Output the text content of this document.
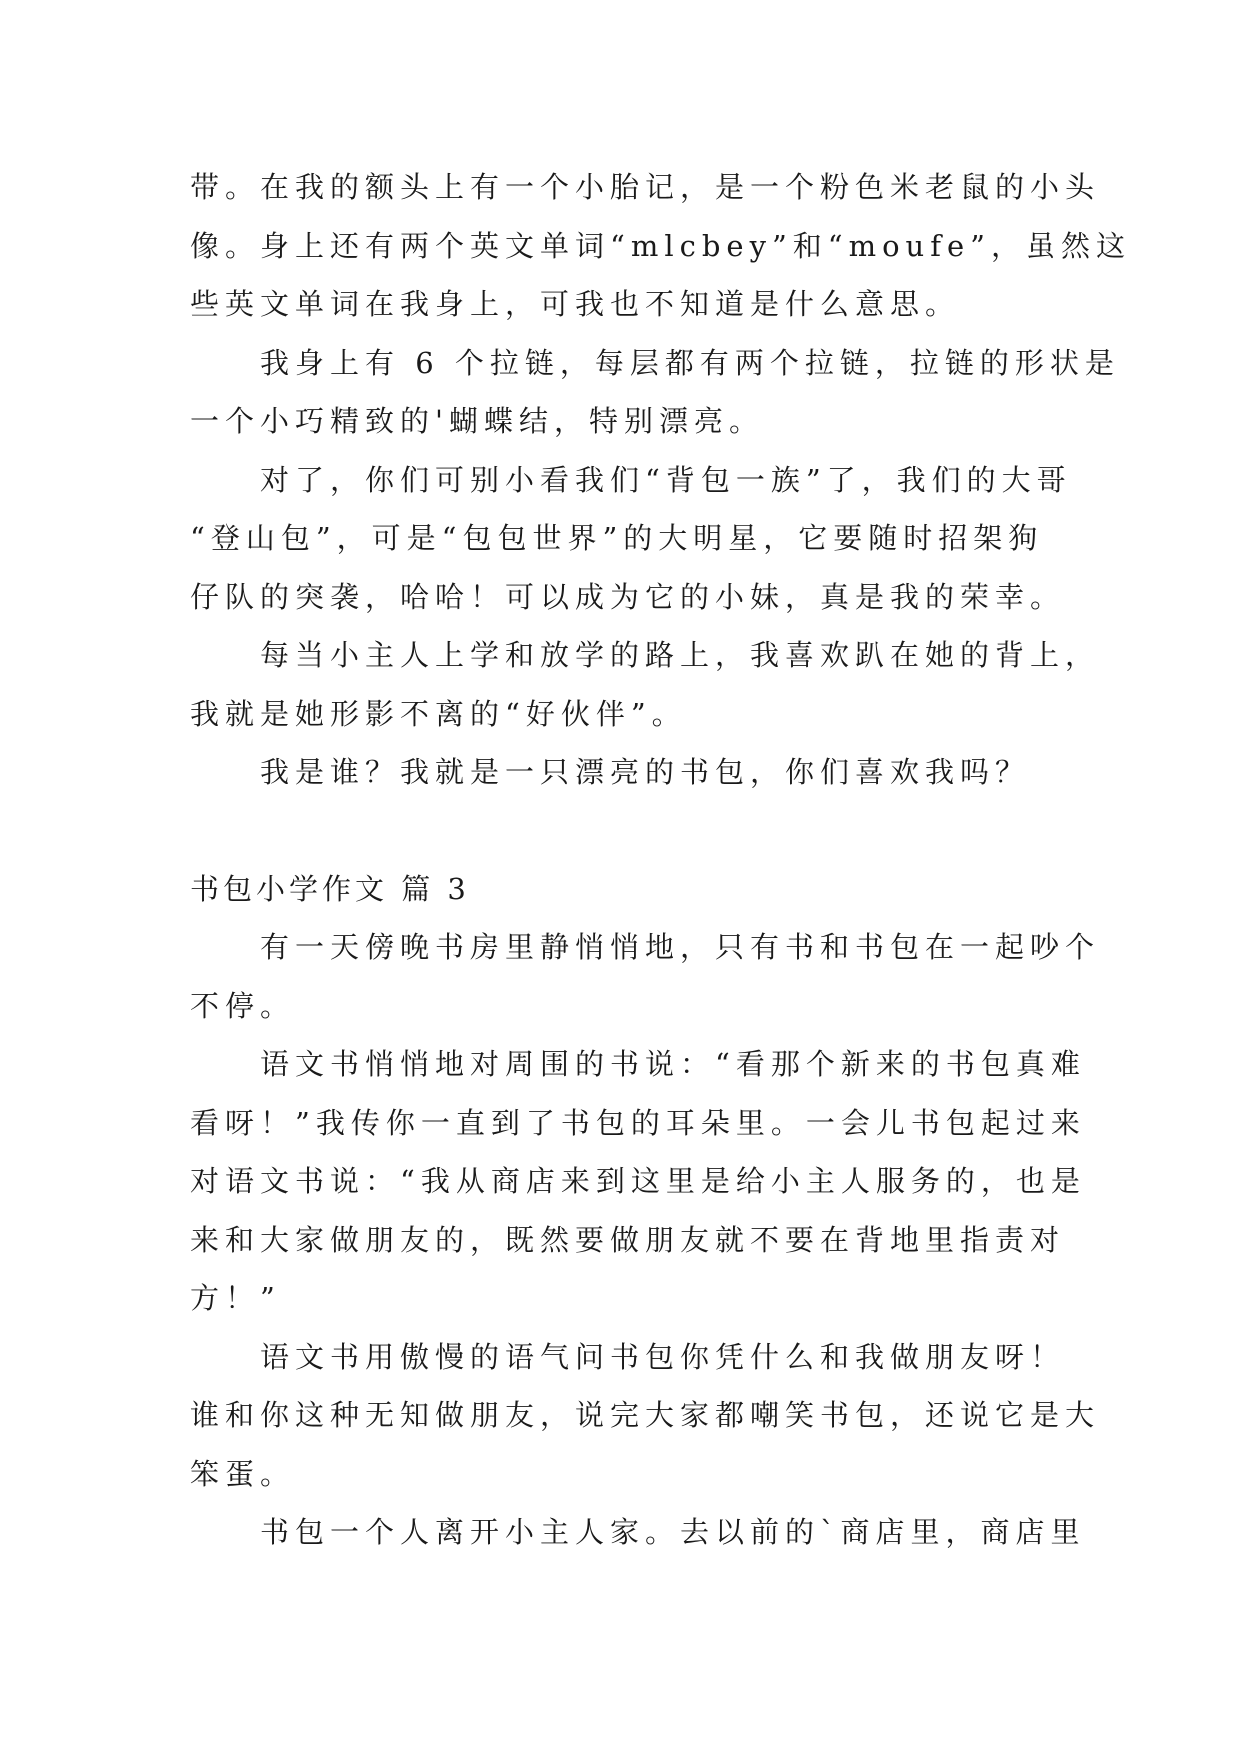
带。在我的额头上有一个小胎记，是一个粉色米老鼠的小头
像。身上还有两个英文单词“mlcbey”和“moufe”，虽然这
些英文单词在我身上，可我也不知道是什么意思。
我身上有 6 个拉链，每层都有两个拉链，拉链的形状是
一个小巧精致的'蝴蝶结，特别漂亮。
对了，你们可别小看我们“背包一族”了，我们的大哥
“登山包”，可是“包包世界”的大明星，它要随时招架狗
仔队的突袭，哈哈！可以成为它的小妹，真是我的荣幸。
每当小主人上学和放学的路上，我喜欢趴在她的背上，
我就是她形影不离的“好伙伴”。
我是谁？我就是一只漂亮的书包，你们喜欢我吗？
书包小学作文 篇 3
有一天傍晚书房里静悄悄地，只有书和书包在一起吵个
不停。
语文书悄悄地对周围的书说：“看那个新来的书包真难
看呀！”我传你一直到了书包的耳朵里。一会儿书包起过来
对语文书说：“我从商店来到这里是给小主人服务的，也是
来和大家做朋友的，既然要做朋友就不要在背地里指责对
方！”
语文书用傲慢的语气问书包你凭什么和我做朋友呀！
谁和你这种无知做朋友，说完大家都嘲笑书包，还说它是大
笨蛋。
书包一个人离开小主人家。去以前的`商店里，商店里
